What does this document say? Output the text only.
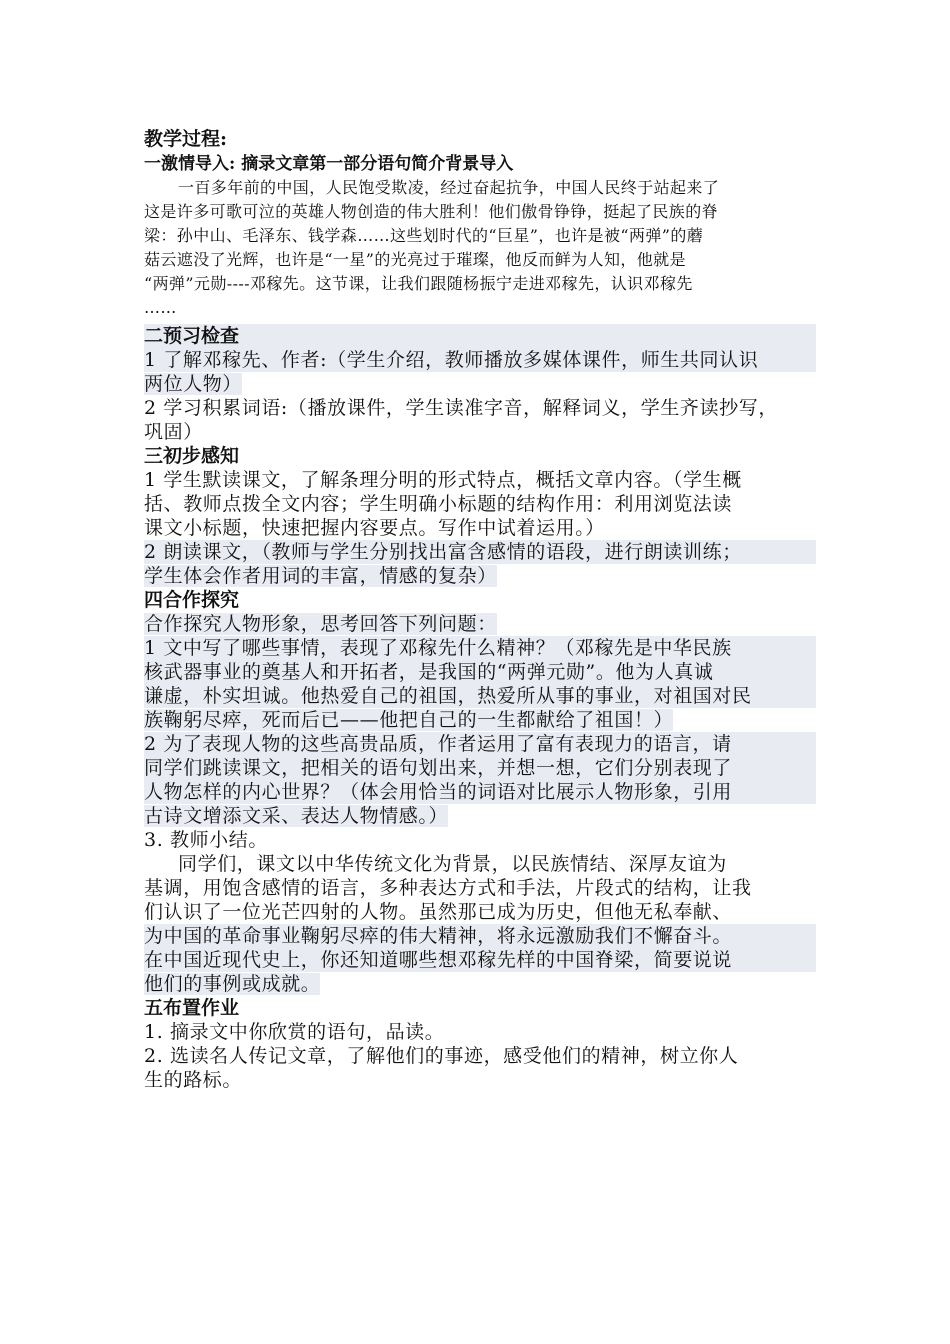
教学过程:
一激情导入: 摘录文章第一部分语句简介背景导入
一百多年前的中国，人民饱受欺凌，经过奋起抗争，中国人民终于站起来了
这是许多可歌可泣的英雄人物创造的伟大胜利！他们傲骨铮铮，挺起了民族的脊
梁：孙中山、毛泽东、钱学森……这些划时代的“巨星”，也许是被“两弹”的蘑
菇云遮没了光辉，也许是“一星”的光亮过于璀璨，他反而鲜为人知，他就是
“两弹”元勋----邓稼先。这节课，让我们跟随杨振宁走进邓稼先，认识邓稼先
……
二预习检查
1 了解邓稼先、作者:（学生介绍，教师播放多媒体课件，师生共同认识
两位人物）
2 学习积累词语:（播放课件，学生读准字音，解释词义，学生齐读抄写，
巩固）
三初步感知
1 学生默读课文，了解条理分明的形式特点，概括文章内容。（学生概
括、教师点拨全文内容；学生明确小标题的结构作用：利用浏览法读
课文小标题，快速把握内容要点。写作中试着运用。）
2 朗读课文，（教师与学生分别找出富含感情的语段，进行朗读训练；
学生体会作者用词的丰富，情感的复杂）
四合作探究
合作探究人物形象，思考回答下列问题：
1 文中写了哪些事情，表现了邓稼先什么精神？（邓稼先是中华民族
核武器事业的奠基人和开拓者，是我国的“两弹元勋”。他为人真诚
谦虚，朴实坦诚。他热爱自己的祖国，热爱所从事的事业，对祖国对民
族鞠躬尽瘁，死而后已——他把自己的一生都献给了祖国！）
2 为了表现人物的这些高贵品质，作者运用了富有表现力的语言，请
同学们跳读课文，把相关的语句划出来，并想一想，它们分别表现了
人物怎样的内心世界？（体会用恰当的词语对比展示人物形象，引用
古诗文增添文采、表达人物情感。）
3. 教师小结。
同学们，课文以中华传统文化为背景，以民族情结、深厚友谊为
基调，用饱含感情的语言，多种表达方式和手法，片段式的结构，让我
们认识了一位光芒四射的人物。虽然那已成为历史，但他无私奉献、
为中国的革命事业鞠躬尽瘁的伟大精神，将永远激励我们不懈奋斗。
在中国近现代史上，你还知道哪些想邓稼先样的中国脊梁，简要说说
他们的事例或成就。
五布置作业
1. 摘录文中你欣赏的语句，品读。
2. 选读名人传记文章，了解他们的事迹，感受他们的精神，树立你人
生的路标。
